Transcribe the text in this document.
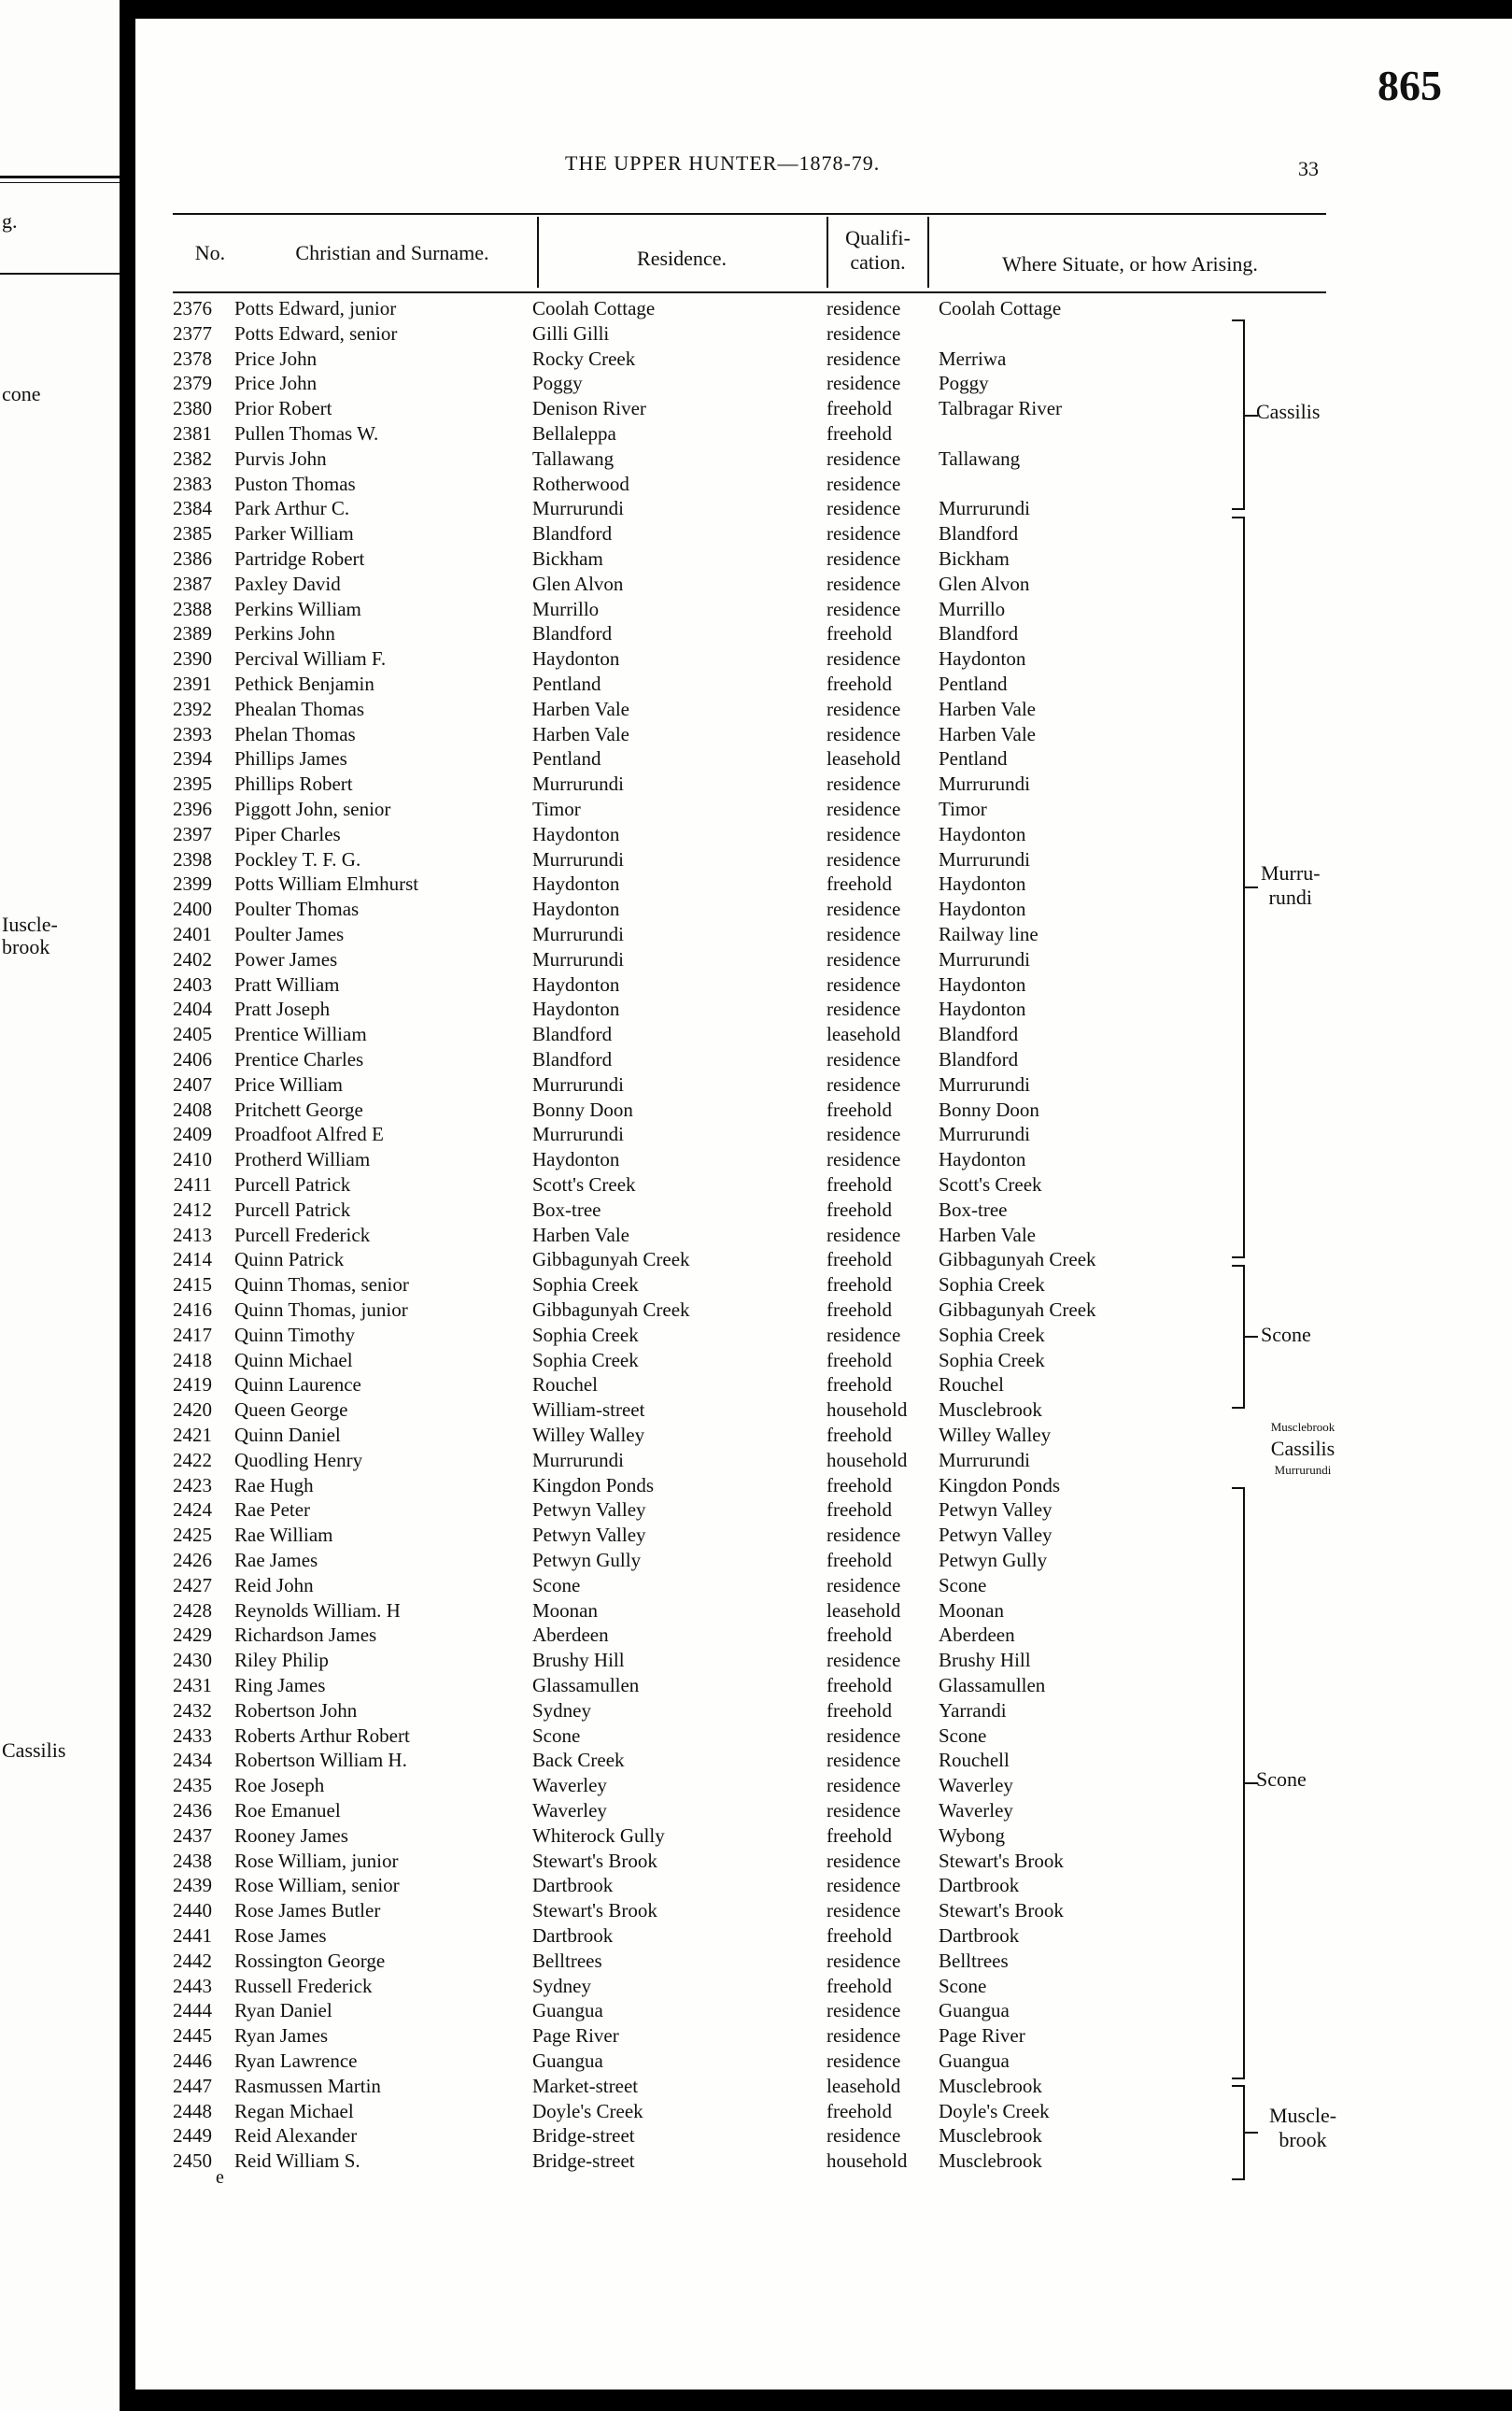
g.
cone
Iuscle-
brook
Cassilis
865
THE UPPER HUNTER—1878-79.	33
No.	Christian and Surname.	Residence.
Qualifi-
cation.	Where Situate, or how Arising.
2376 Potts Edward, junior	Coolah Cottage	residence Coolah Cottage
2377 Potts Edward, senior	Gilli Gilli	residence
2378 Price John	Rocky Creek	residence Merriwa
2379 Price John	Poggy	residence Poggy
2380 Prior Robert	Denison River	freehold Talbragar River
2381 Pullen Thomas W.	Bellaleppa	freehold
2382 Purvis John	Tallawang	residence Tallawang
2383 Puston Thomas	Rotherwood	residence
2384 Park Arthur C.	Murrurundi	residence Murrurundi
2385 Parker William	Blandford	residence Blandford
2386 Partridge Robert	Bickham	residence Bickham
2387 Paxley David	Glen Alvon	residence Glen Alvon
2388 Perkins William	Murrillo	residence Murrillo
2389 Perkins John	Blandford	freehold Blandford
2390 Percival William F.	Haydonton	residence Haydonton
2391 Pethick Benjamin	Pentland	freehold Pentland
2392 Phealan Thomas	Harben Vale	residence Harben Vale
2393 Phelan Thomas	Harben Vale	residence Harben Vale
2394 Phillips James	Pentland	leasehold Pentland
2395 Phillips Robert	Murrurundi	residence Murrurundi
2396 Piggott John, senior	Timor	residence Timor
2397 Piper Charles	Haydonton	residence Haydonton
2398 Pockley T. F. G.	Murrurundi	residence Murrurundi
2399 Potts William Elmhurst	Haydonton	freehold Haydonton
2400 Poulter Thomas	Haydonton	residence Haydonton
2401 Poulter James	Murrurundi	residence Railway line
2402 Power James	Murrurundi	residence Murrurundi
2403 Pratt William	Haydonton	residence Haydonton
2404 Pratt Joseph	Haydonton	residence Haydonton
2405 Prentice William	Blandford	leasehold Blandford
2406 Prentice Charles	Blandford	residence Blandford
2407 Price William	Murrurundi	residence Murrurundi
2408 Pritchett George	Bonny Doon	freehold Bonny Doon
2409 Proadfoot Alfred E	Murrurundi	residence Murrurundi
2410 Protherd William	Haydonton	residence Haydonton
2411 Purcell Patrick	Scott's Creek	freehold Scott's Creek
2412 Purcell Patrick	Box-tree	freehold Box-tree
2413 Purcell Frederick	Harben Vale	residence Harben Vale
2414 Quinn Patrick	Gibbagunyah Creek	freehold Gibbagunyah Creek
2415 Quinn Thomas, senior	Sophia Creek	freehold Sophia Creek
2416 Quinn Thomas, junior	Gibbagunyah Creek	freehold Gibbagunyah Creek
2417 Quinn Timothy	Sophia Creek	residence Sophia Creek
2418 Quinn Michael	Sophia Creek	freehold Sophia Creek
2419 Quinn Laurence	Rouchel	freehold Rouchel
2420 Queen George	William-street	household Musclebrook
2421 Quinn Daniel	Willey Walley	freehold Willey Walley
2422 Quodling Henry	Murrurundi	household Murrurundi
2423 Rae Hugh	Kingdon Ponds	freehold Kingdon Ponds
2424 Rae Peter	Petwyn Valley	freehold Petwyn Valley
2425 Rae William	Petwyn Valley	residence Petwyn Valley
2426 Rae James	Petwyn Gully	freehold Petwyn Gully
2427 Reid John	Scone	residence Scone
2428 Reynolds William. H	Moonan	leasehold Moonan
2429 Richardson James	Aberdeen	freehold Aberdeen
2430 Riley Philip	Brushy Hill	residence Brushy Hill
2431 Ring James	Glassamullen	freehold Glassamullen
2432 Robertson John	Sydney	freehold Yarrandi
2433 Roberts Arthur Robert	Scone	residence Scone
2434 Robertson William H.	Back Creek	residence Rouchell
2435 Roe Joseph	Waverley	residence Waverley
2436 Roe Emanuel	Waverley	residence Waverley
2437 Rooney James	Whiterock Gully	freehold Wybong
2438 Rose William, junior	Stewart's Brook	residence Stewart's Brook
2439 Rose William, senior	Dartbrook	residence Dartbrook
2440 Rose James Butler	Stewart's Brook	residence Stewart's Brook
2441 Rose James	Dartbrook	freehold Dartbrook
2442 Rossington George	Belltrees	residence Belltrees
2443 Russell Frederick	Sydney	freehold Scone
2444 Ryan Daniel	Guangua	residence Guangua
2445 Ryan James	Page River	residence Page River
2446 Ryan Lawrence	Guangua	residence Guangua
2447 Rasmussen Martin	Market-street	leasehold Musclebrook
2448 Regan Michael	Doyle's Creek	freehold Doyle's Creek
2449 Reid Alexander	Bridge-street	residence Musclebrook
2450 Reid William S.	Bridge-street	household Musclebrook
Cassilis
Murru-
rundi
Scone
Musclebrook
Cassilis
Murrurundi
Scone
Muscle-
brook
e
